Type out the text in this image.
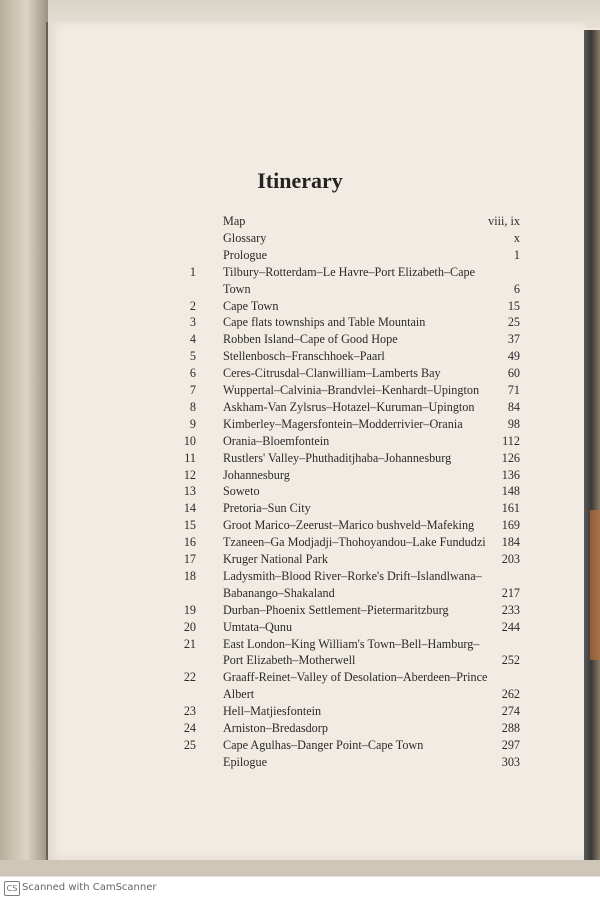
Itinerary
Map	viii, ix
Glossary	x
Prologue	1
1 Tilbury–Rotterdam–Le Havre–Port Elizabeth–Cape
Town	6
2 Cape Town	15
3 Cape flats townships and Table Mountain	25
4 Robben Island–Cape of Good Hope	37
5 Stellenbosch–Franschhoek–Paarl	49
6 Ceres-Citrusdal–Clanwilliam–Lamberts Bay	60
7 Wuppertal–Calvinia–Brandvlei–Kenhardt–Upington	71
8 Askham-Van Zylsrus–Hotazel–Kuruman–Upington	84
9 Kimberley–Magersfontein–Modderrivier–Orania	98
10 Orania–Bloemfontein	112
11 Rustlers' Valley–Phuthaditjhaba–Johannesburg	126
12 Johannesburg	136
13 Soweto	148
14 Pretoria–Sun City	161
15 Groot Marico–Zeerust–Marico bushveld–Mafeking	169
16 Tzaneen–Ga Modjadji–Thohoyandou–Lake Fundudzi	184
17 Kruger National Park	203
18 Ladysmith–Blood River–Rorke's Drift–Islandlwana–
Babanango–Shakaland	217
19 Durban–Phoenix Settlement–Pietermaritzburg	233
20 Umtata–Qunu	244
21 East London–King William's Town–Bell–Hamburg–
Port Elizabeth–Motherwell	252
22 Graaff-Reinet–Valley of Desolation–Aberdeen–Prince
Albert	262
23 Hell–Matjiesfontein	274
24 Arniston–Bredasdorp	288
25 Cape Agulhas–Danger Point–Cape Town	297
Epilogue	303
CS Scanned with CamScanner
